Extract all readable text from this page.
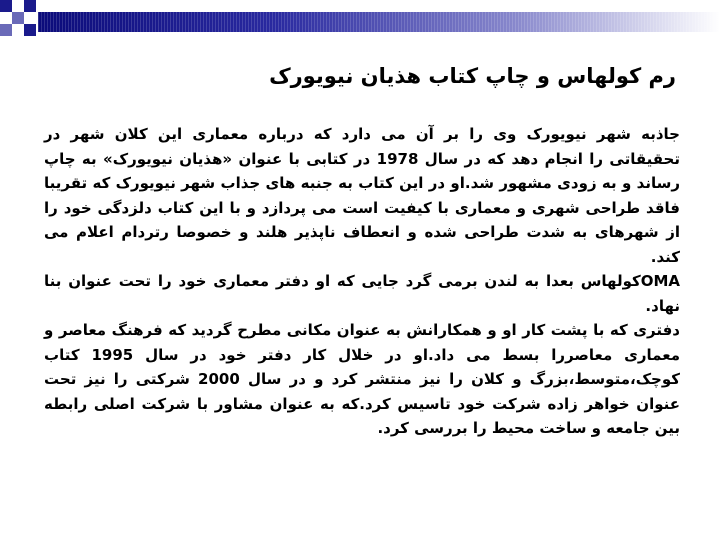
رم کولهاس و چاپ کتاب هذیان نیویورک

جاذبه شهر نیویورک وی را بر آن می دارد که درباره معماری این کلان شهر در تحقیقاتی را انجام دهد که در سال 1978 در کتابی با عنوان «هذیان نیویورک» به چاپ رساند و به زودی مشهور شد.او در این کتاب به جنبه های جذاب شهر نیویورک که تقریبا فاقد طراحی شهری و معماری با کیفیت است می پردازد و با این کتاب دلزدگی خود را از شهرهای به شدت طراحی شده و انعطاف ناپذیر هلند و خصوصا رتردام اعلام می کند.

OMAکولهاس بعدا به لندن برمی گرد جایی که او دفتر معماری خود را تحت عنوان بنا نهاد.

دفتری که با پشت کار او و همکارانش به عنوان مکانی مطرح گردید که فرهنگ معاصر و معماری معاصررا بسط می داد.او در خلال کار دفتر خود در سال 1995 کتاب کوچک،متوسط،بزرگ و کلان را نیز منتشر کرد و در سال 2000 شرکتی را نیز تحت عنوان خواهر زاده شرکت خود تاسیس کرد.که به عنوان مشاور با شرکت اصلی رابطه بین جامعه و ساخت محیط را بررسی کرد.
